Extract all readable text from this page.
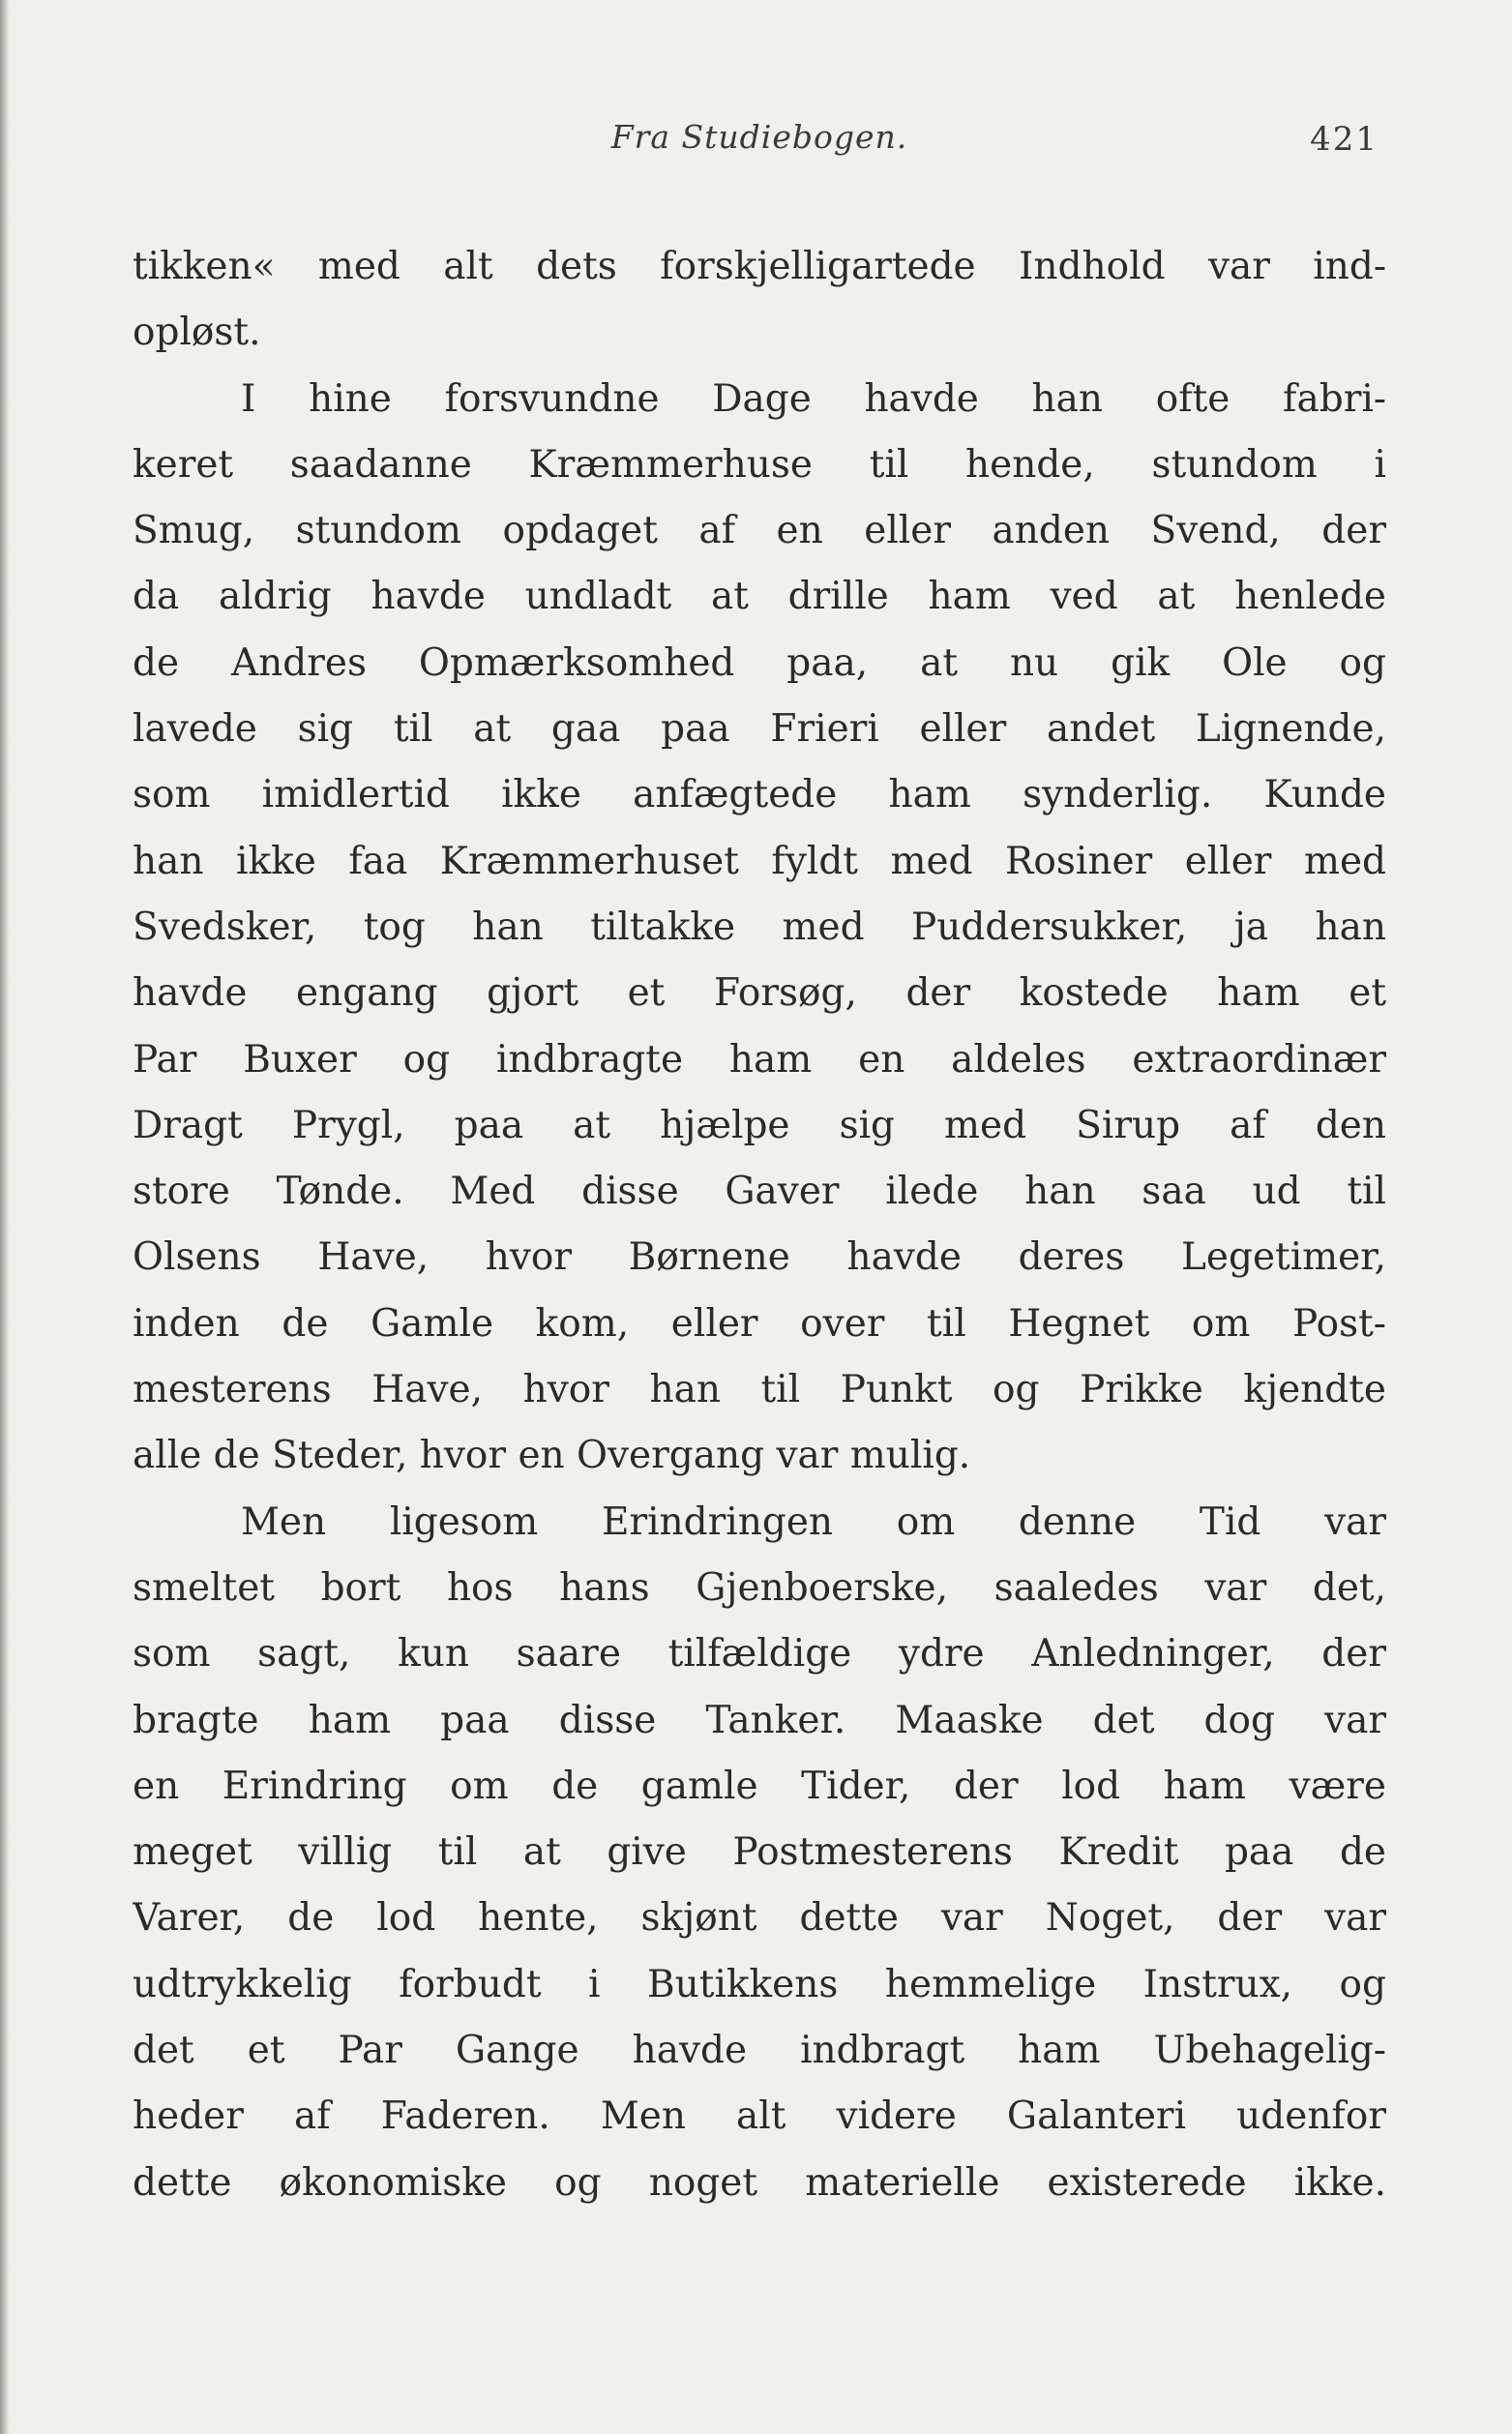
Fra Studiebogen.	421
tikken« med alt dets forskjelligartede Indhold var ind-
opløst.
I hine forsvundne Dage havde han ofte fabri-
keret saadanne Kræmmerhuse til hende, stundom i
Smug, stundom opdaget af en eller anden Svend, der
da aldrig havde undladt at drille ham ved at henlede
de Andres Opmærksomhed paa, at nu gik Ole og
lavede sig til at gaa paa Frieri eller andet Lignende,
som imidlertid ikke anfægtede ham synderlig. Kunde
han ikke faa Kræmmerhuset fyldt med Rosiner eller med
Svedsker, tog han tiltakke med Puddersukker, ja han
havde engang gjort et Forsøg, der kostede ham et
Par Buxer og indbragte ham en aldeles extraordinær
Dragt Prygl, paa at hjælpe sig med Sirup af den
store Tønde. Med disse Gaver ilede han saa ud til
Olsens Have, hvor Børnene havde deres Legetimer,
inden de Gamle kom, eller over til Hegnet om Post-
mesterens Have, hvor han til Punkt og Prikke kjendte
alle de Steder, hvor en Overgang var mulig.
Men ligesom Erindringen om denne Tid var
smeltet bort hos hans Gjenboerske, saaledes var det,
som sagt, kun saare tilfældige ydre Anledninger, der
bragte ham paa disse Tanker. Maaske det dog var
en Erindring om de gamle Tider, der lod ham være
meget villig til at give Postmesterens Kredit paa de
Varer, de lod hente, skjønt dette var Noget, der var
udtrykkelig forbudt i Butikkens hemmelige Instrux, og
det et Par Gange havde indbragt ham Ubehagelig-
heder af Faderen. Men alt videre Galanteri udenfor
dette økonomiske og noget materielle existerede ikke.
